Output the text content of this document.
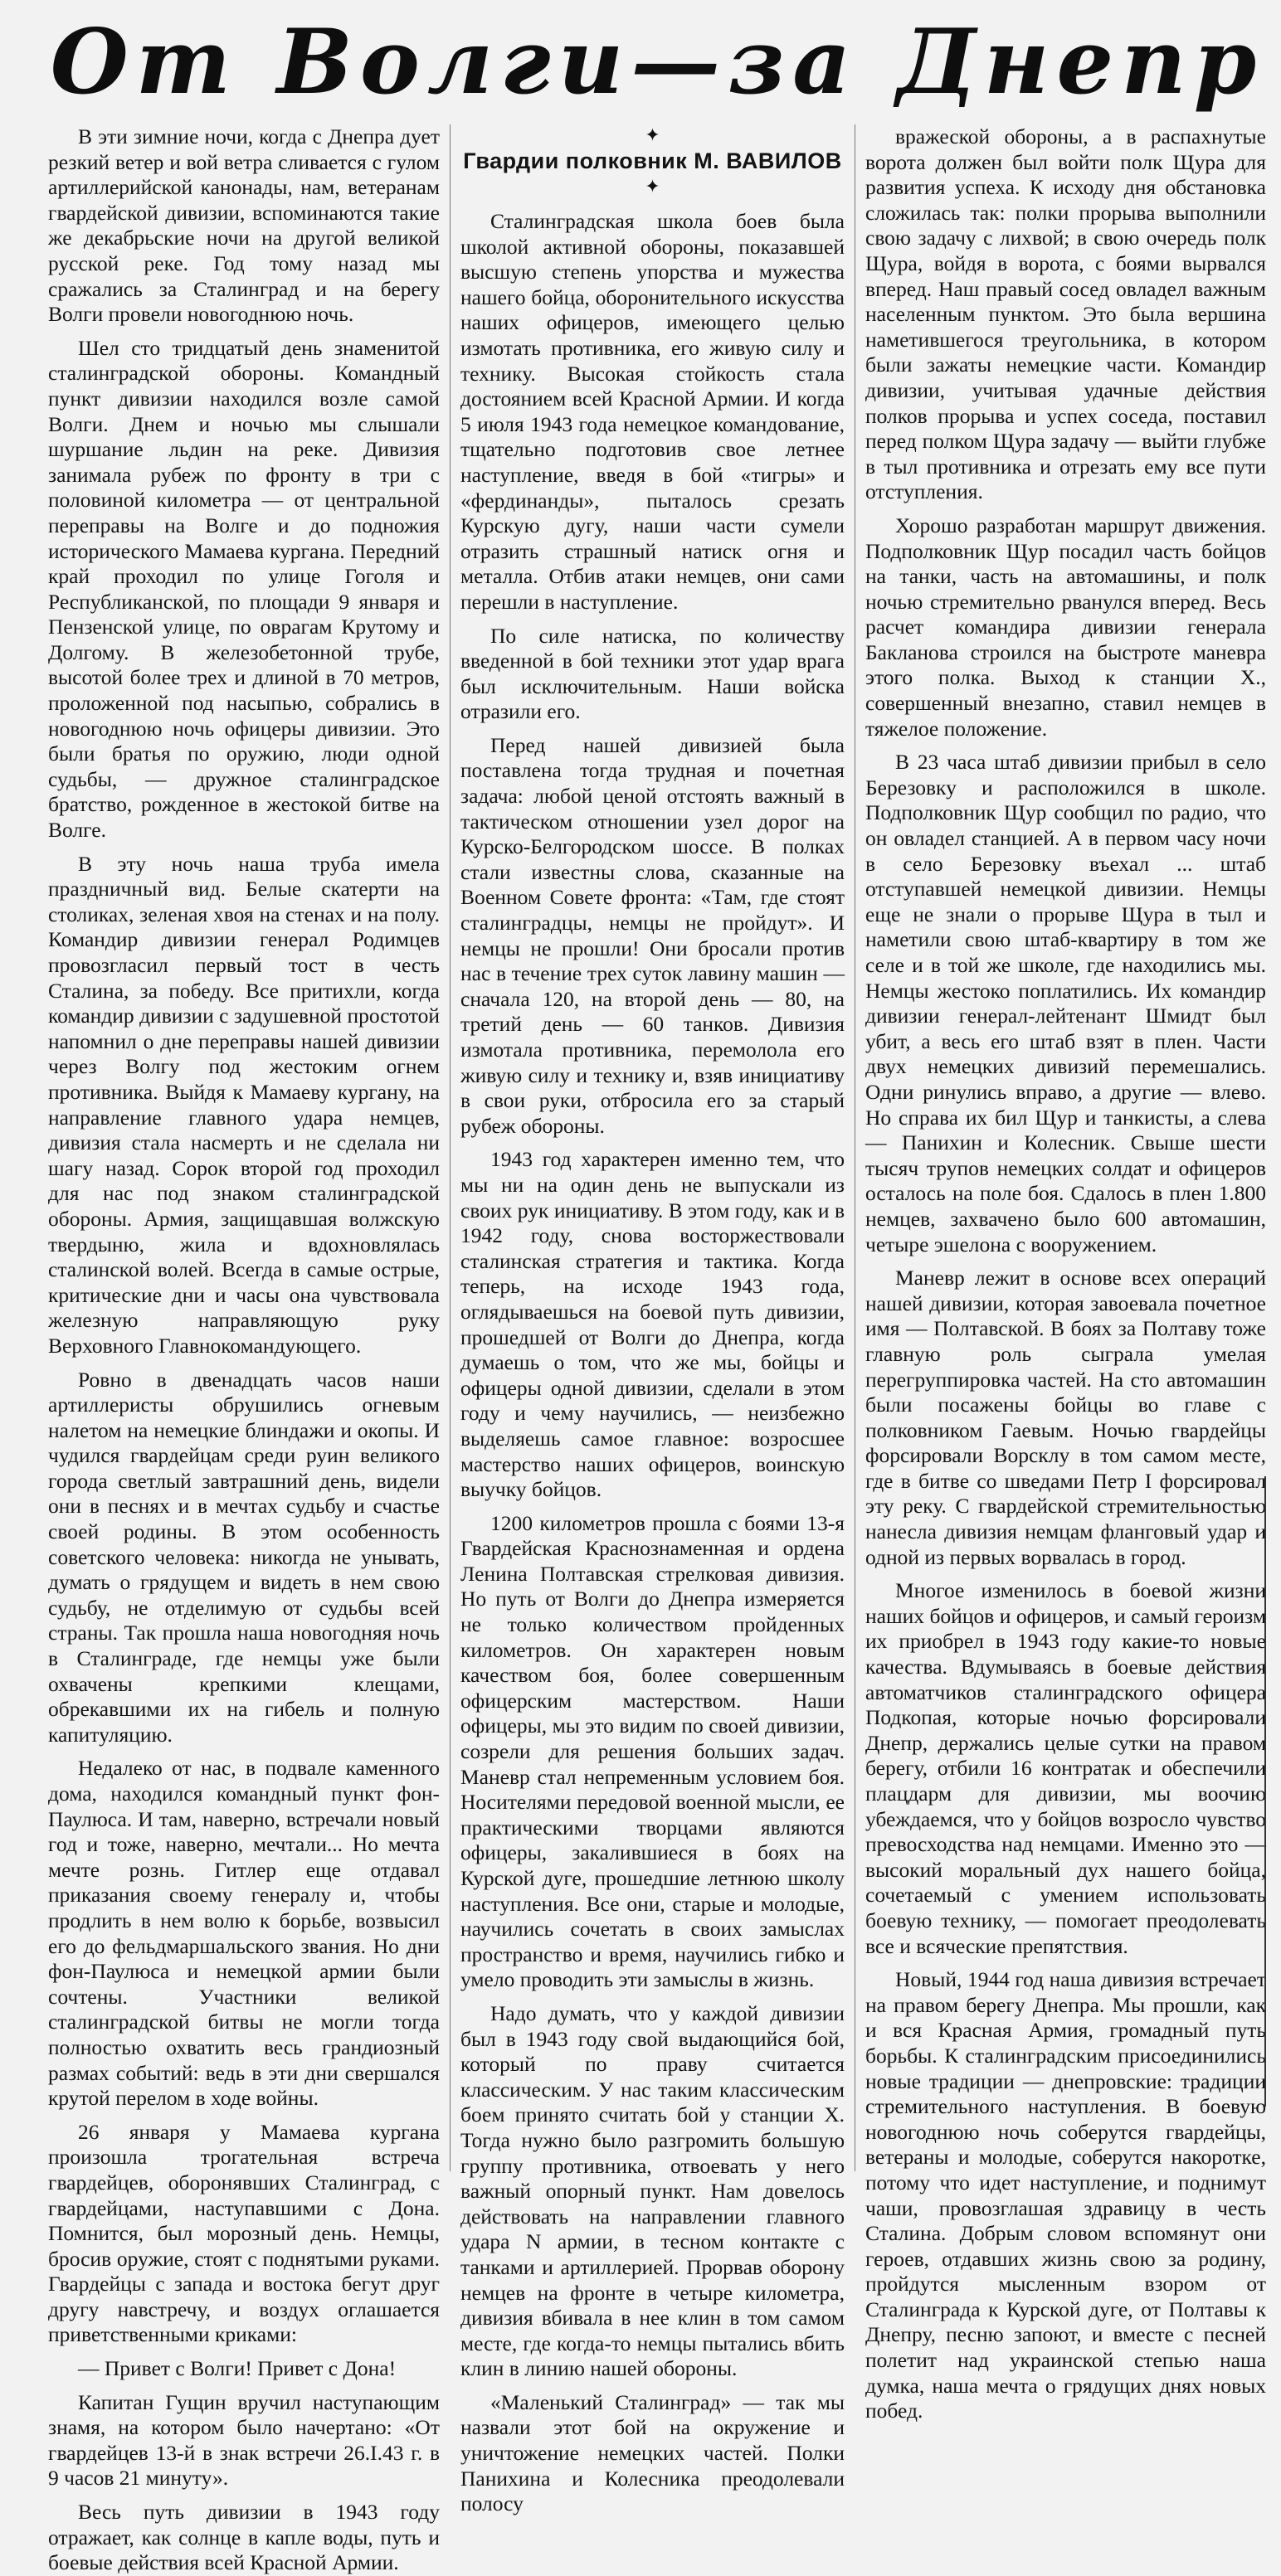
От Волги—за Днепр

В эти зимние ночи, когда с Днепра дует резкий ветер и вой ветра сливается с гулом артиллерийской канонады, нам, ветеранам гвардейской дивизии, вспоминаются такие же декабрьские ночи на другой великой русской реке. Год тому назад мы сражались за Сталинград и на берегу Волги провели новогоднюю ночь.

Шел сто тридцатый день знаменитой сталинградской обороны. Командный пункт дивизии находился возле самой Волги. Днем и ночью мы слышали шуршание льдин на реке. Дивизия занимала рубеж по фронту в три с половиной километра — от центральной переправы на Волге и до подножия исторического Мамаева кургана. Передний край проходил по улице Гоголя и Республиканской, по площади 9 января и Пензенской улице, по оврагам Крутому и Долгому. В железобетонной трубе, высотой более трех и длиной в 70 метров, проложенной под насыпью, собрались в новогоднюю ночь офицеры дивизии. Это были братья по оружию, люди одной судьбы, — дружное сталинградское братство, рожденное в жестокой битве на Волге.

В эту ночь наша труба имела праздничный вид. Белые скатерти на столиках, зеленая хвоя на стенах и на полу. Командир дивизии генерал Родимцев провозгласил первый тост в честь Сталина, за победу. Все притихли, когда командир дивизии с задушевной простотой напомнил о дне переправы нашей дивизии через Волгу под жестоким огнем противника. Выйдя к Мамаеву кургану, на направление главного удара немцев, дивизия стала насмерть и не сделала ни шагу назад. Сорок второй год проходил для нас под знаком сталинградской обороны. Армия, защищавшая волжскую твердыню, жила и вдохновлялась сталинской волей. Всегда в самые острые, критические дни и часы она чувствовала железную направляющую руку Верховного Главнокомандующего.

Ровно в двенадцать часов наши артиллеристы обрушились огневым налетом на немецкие блиндажи и окопы. И чудился гвардейцам среди руин великого города светлый завтрашний день, видели они в песнях и в мечтах судьбу и счастье своей родины. В этом особенность советского человека: никогда не унывать, думать о грядущем и видеть в нем свою судьбу, не отделимую от судьбы всей страны. Так прошла наша новогодняя ночь в Сталинграде, где немцы уже были охвачены крепкими клещами, обрекавшими их на гибель и полную капитуляцию.

Недалеко от нас, в подвале каменного дома, находился командный пункт фон-Паулюса. И там, наверно, встречали новый год и тоже, наверно, мечтали... Но мечта мечте рознь. Гитлер еще отдавал приказания своему генералу и, чтобы продлить в нем волю к борьбе, возвысил его до фельдмаршальского звания. Но дни фон-Паулюса и немецкой армии были сочтены. Участники великой сталинградской битвы не могли тогда полностью охватить весь грандиозный размах событий: ведь в эти дни свершался крутой перелом в ходе войны.

26 января у Мамаева кургана произошла трогательная встреча гвардейцев, оборонявших Сталинград, с гвардейцами, наступавшими с Дона. Помнится, был морозный день. Немцы, бросив оружие, стоят с поднятыми руками. Гвардейцы с запада и востока бегут друг другу навстречу, и воздух оглашается приветственными криками:

— Привет с Волги! Привет с Дона!

Капитан Гущин вручил наступающим знамя, на котором было начертано: «От гвардейцев 13-й в знак встречи 26.I.43 г. в 9 часов 21 минуту».

Весь путь дивизии в 1943 году отражает, как солнце в капле воды, путь и боевые действия всей Красной Армии.

✦
Гвардии полковник М. ВАВИЛОВ
✦

Сталинградская школа боев была школой активной обороны, показавшей высшую степень упорства и мужества нашего бойца, оборонительного искусства наших офицеров, имеющего целью измотать противника, его живую силу и технику. Высокая стойкость стала достоянием всей Красной Армии. И когда 5 июля 1943 года немецкое командование, тщательно подготовив свое летнее наступление, введя в бой «тигры» и «фердинанды», пыталось срезать Курскую дугу, наши части сумели отразить страшный натиск огня и металла. Отбив атаки немцев, они сами перешли в наступление.

По силе натиска, по количеству введенной в бой техники этот удар врага был исключительным. Наши войска отразили его.

Перед нашей дивизией была поставлена тогда трудная и почетная задача: любой ценой отстоять важный в тактическом отношении узел дорог на Курско-Белгородском шоссе. В полках стали известны слова, сказанные на Военном Совете фронта: «Там, где стоят сталинградцы, немцы не пройдут». И немцы не прошли! Они бросали против нас в течение трех суток лавину машин — сначала 120, на второй день — 80, на третий день — 60 танков. Дивизия измотала противника, перемолола его живую силу и технику и, взяв инициативу в свои руки, отбросила его за старый рубеж обороны.

1943 год характерен именно тем, что мы ни на один день не выпускали из своих рук инициативу. В этом году, как и в 1942 году, снова восторжествовали сталинская стратегия и тактика. Когда теперь, на исходе 1943 года, оглядываешься на боевой путь дивизии, прошедшей от Волги до Днепра, когда думаешь о том, что же мы, бойцы и офицеры одной дивизии, сделали в этом году и чему научились, — неизбежно выделяешь самое главное: возросшее мастерство наших офицеров, воинскую выучку бойцов.

1200 километров прошла с боями 13-я Гвардейская Краснознаменная и ордена Ленина Полтавская стрелковая дивизия. Но путь от Волги до Днепра измеряется не только количеством пройденных километров. Он характерен новым качеством боя, более совершенным офицерским мастерством. Наши офицеры, мы это видим по своей дивизии, созрели для решения больших задач. Маневр стал непременным условием боя. Носителями передовой военной мысли, ее практическими творцами являются офицеры, закалившиеся в боях на Курской дуге, прошедшие летнюю школу наступления. Все они, старые и молодые, научились сочетать в своих замыслах пространство и время, научились гибко и умело проводить эти замыслы в жизнь.

Надо думать, что у каждой дивизии был в 1943 году свой выдающийся бой, который по праву считается классическим. У нас таким классическим боем принято считать бой у станции Х. Тогда нужно было разгромить большую группу противника, отвоевать у него важный опорный пункт. Нам довелось действовать на направлении главного удара N армии, в тесном контакте с танками и артиллерией. Прорвав оборону немцев на фронте в четыре километра, дивизия вбивала в нее клин в том самом месте, где когда-то немцы пытались вбить клин в линию нашей обороны.

«Маленький Сталинград» — так мы назвали этот бой на окружение и уничтожение немецких частей. Полки Панихина и Колесника преодолевали полосу

вражеской обороны, а в распахнутые ворота должен был войти полк Щура для развития успеха. К исходу дня обстановка сложилась так: полки прорыва выполнили свою задачу с лихвой; в свою очередь полк Щура, войдя в ворота, с боями вырвался вперед. Наш правый сосед овладел важным населенным пунктом. Это была вершина наметившегося треугольника, в котором были зажаты немецкие части. Командир дивизии, учитывая удачные действия полков прорыва и успех соседа, поставил перед полком Щура задачу — выйти глубже в тыл противника и отрезать ему все пути отступления.

Хорошо разработан маршрут движения. Подполковник Щур посадил часть бойцов на танки, часть на автомашины, и полк ночью стремительно рванулся вперед. Весь расчет командира дивизии генерала Бакланова строился на быстроте маневра этого полка. Выход к станции Х., совершенный внезапно, ставил немцев в тяжелое положение.

В 23 часа штаб дивизии прибыл в село Березовку и расположился в школе. Подполковник Щур сообщил по радио, что он овладел станцией. А в первом часу ночи в село Березовку въехал ... штаб отступавшей немецкой дивизии. Немцы еще не знали о прорыве Щура в тыл и наметили свою штаб-квартиру в том же селе и в той же школе, где находились мы. Немцы жестоко поплатились. Их командир дивизии генерал-лейтенант Шмидт был убит, а весь его штаб взят в плен. Части двух немецких дивизий перемешались. Одни ринулись вправо, а другие — влево. Но справа их бил Щур и танкисты, а слева — Панихин и Колесник. Свыше шести тысяч трупов немецких солдат и офицеров осталось на поле боя. Сдалось в плен 1.800 немцев, захвачено было 600 автомашин, четыре эшелона с вооружением.

Маневр лежит в основе всех операций нашей дивизии, которая завоевала почетное имя — Полтавской. В боях за Полтаву тоже главную роль сыграла умелая перегруппировка частей. На сто автомашин были посажены бойцы во главе с полковником Гаевым. Ночью гвардейцы форсировали Ворсклу в том самом месте, где в битве со шведами Петр I форсировал эту реку. С гвардейской стремительностью нанесла дивизия немцам фланговый удар и одной из первых ворвалась в город.

Многое изменилось в боевой жизни наших бойцов и офицеров, и самый героизм их приобрел в 1943 году какие-то новые качества. Вдумываясь в боевые действия автоматчиков сталинградского офицера Подкопая, которые ночью форсировали Днепр, держались целые сутки на правом берегу, отбили 16 контратак и обеспечили плацдарм для дивизии, мы воочию убеждаемся, что у бойцов возросло чувство превосходства над немцами. Именно это — высокий моральный дух нашего бойца, сочетаемый с умением использовать боевую технику, — помогает преодолевать все и всяческие препятствия.

Новый, 1944 год наша дивизия встречает на правом берегу Днепра. Мы прошли, как и вся Красная Армия, громадный путь борьбы. К сталинградским присоединились новые традиции — днепровские: традиции стремительного наступления. В боевую новогоднюю ночь соберутся гвардейцы, ветераны и молодые, соберутся накоротке, потому что идет наступление, и поднимут чаши, провозглашая здравицу в честь Сталина. Добрым словом вспомянут они героев, отдавших жизнь свою за родину, пройдутся мысленным взором от Сталинграда к Курской дуге, от Полтавы к Днепру, песню запоют, и вместе с песней полетит над украинской степью наша думка, наша мечта о грядущих днях новых побед.
